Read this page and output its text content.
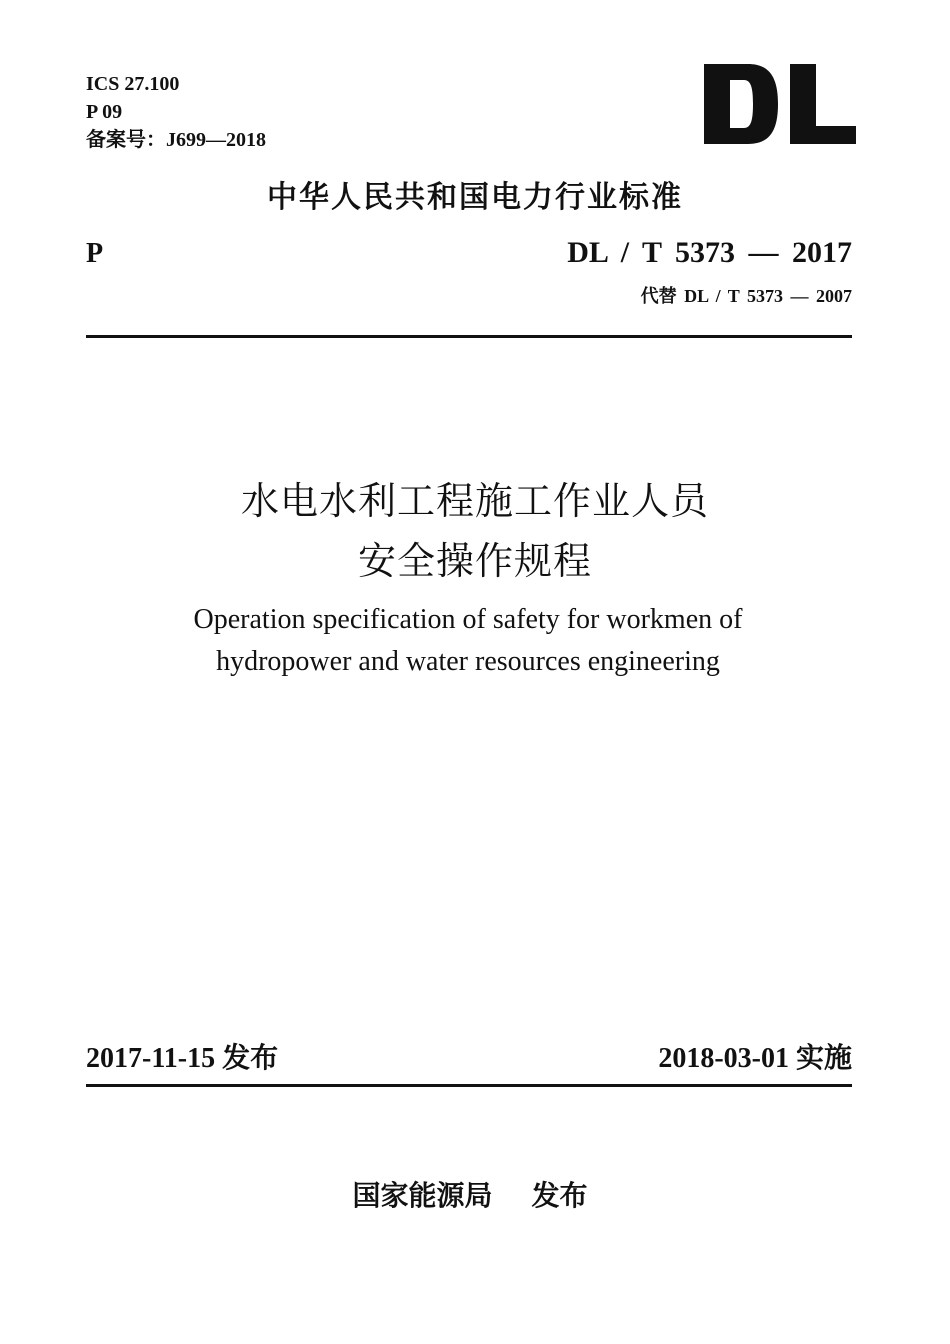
ICS 27.100
P 09
备案号：J699—2018
中华人民共和国电力行业标准
P	DL / T 5373 — 2017
代替 DL / T 5373 — 2007
水电水利工程施工作业人员
安全操作规程
Operation specification of safety for workmen of
hydropower and water resources engineering
2017-11-15 发布	2018-03-01 实施
国家能源局    发布
